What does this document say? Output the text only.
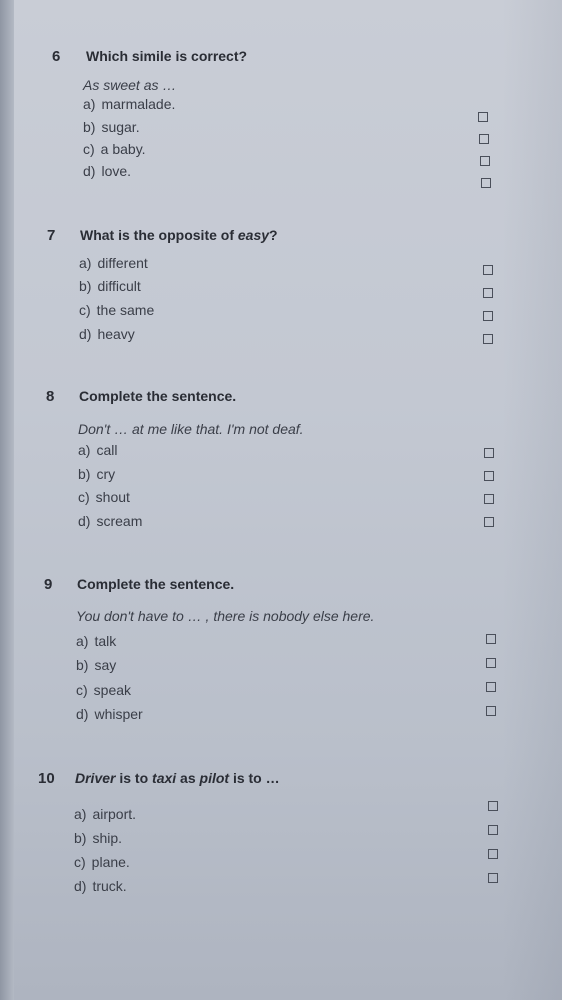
6 Which simile is correct?
As sweet as …
a) marmalade.
b) sugar.
c) a baby.
d) love.
7 What is the opposite of easy?
a) different
b) difficult
c) the same
d) heavy
8 Complete the sentence.
Don't … at me like that. I'm not deaf.
a) call
b) cry
c) shout
d) scream
9 Complete the sentence.
You don't have to … , there is nobody else here.
a) talk
b) say
c) speak
d) whisper
10 Driver is to taxi as pilot is to …
a) airport.
b) ship.
c) plane.
d) truck.
